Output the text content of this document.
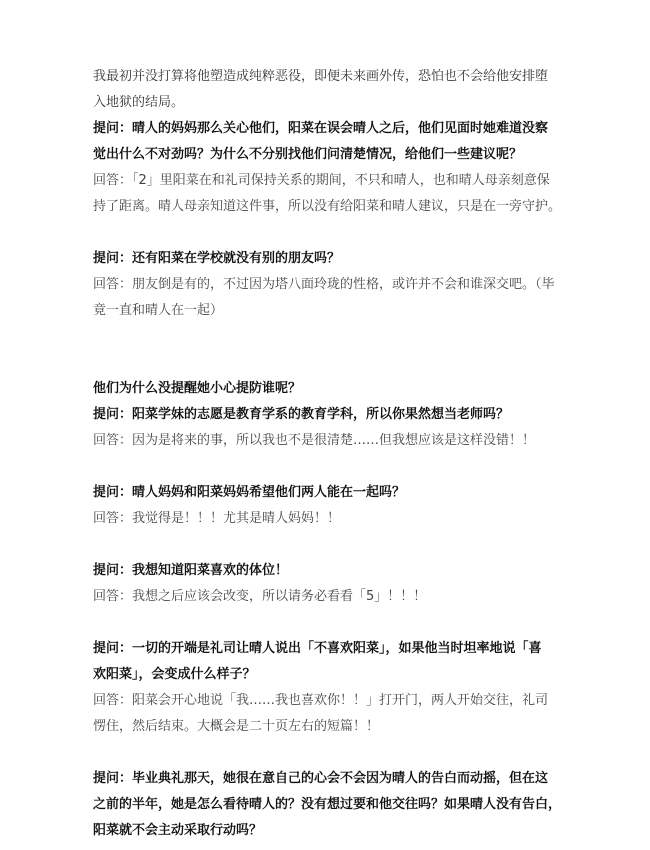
我最初并没打算将他塑造成纯粹恶役，即便未来画外传，恐怕也不会给他安排堕
入地狱的结局。
提问：晴人的妈妈那么关心他们，阳菜在误会晴人之后，他们见面时她难道没察
觉出什么不对劲吗？为什么不分别找他们问清楚情况，给他们一些建议呢？
回答：「2」里阳菜在和礼司保持关系的期间，不只和晴人，也和晴人母亲刻意保
持了距离。晴人母亲知道这件事，所以没有给阳菜和晴人建议，只是在一旁守护。
提问：还有阳菜在学校就没有别的朋友吗？
回答：朋友倒是有的，不过因为塔八面玲珑的性格，或许并不会和谁深交吧。（毕
竟一直和晴人在一起）
他们为什么没提醒她小心提防谁呢？
提问：阳菜学妹的志愿是教育学系的教育学科，所以你果然想当老师吗？
回答：因为是将来的事，所以我也不是很清楚……但我想应该是这样没错！！
提问：晴人妈妈和阳菜妈妈希望他们两人能在一起吗？
回答：我觉得是！！！尤其是晴人妈妈！！
提问：我想知道阳菜喜欢的体位！
回答：我想之后应该会改变，所以请务必看看「5」！！！
提问：一切的开端是礼司让晴人说出「不喜欢阳菜」，如果他当时坦率地说「喜
欢阳菜」，会变成什么样子？
回答：阳菜会开心地说「我……我也喜欢你！！」打开门，两人开始交往，礼司
愣住，然后结束。大概会是二十页左右的短篇！！
提问：毕业典礼那天，她很在意自己的心会不会因为晴人的告白而动摇，但在这
之前的半年，她是怎么看待晴人的？没有想过要和他交往吗？如果晴人没有告白，
阳菜就不会主动采取行动吗？
